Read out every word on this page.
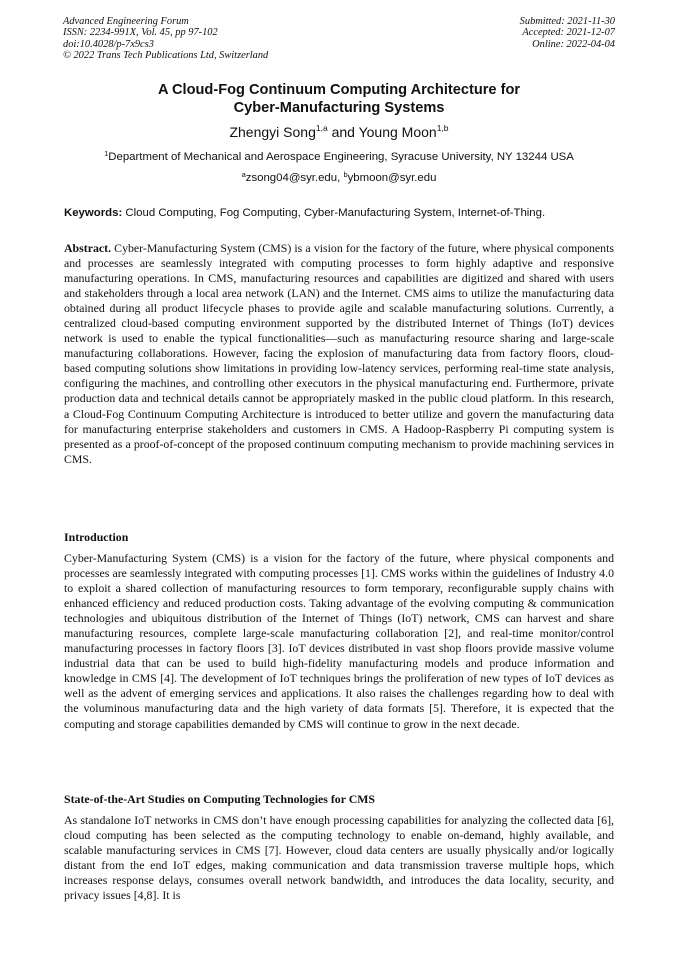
Advanced Engineering Forum
ISSN: 2234-991X, Vol. 45, pp 97-102
doi:10.4028/p-7x9cs3
© 2022 Trans Tech Publications Ltd, Switzerland
Submitted: 2021-11-30
Accepted: 2021-12-07
Online: 2022-04-04
A Cloud-Fog Continuum Computing Architecture for
Cyber-Manufacturing Systems
Zhengyi Song$^{1,a}$ and Young Moon$^{1,b}$
$^1$Department of Mechanical and Aerospace Engineering, Syracuse University, NY 13244 USA
$^a$zsong04@syr.edu, $^b$ybmoon@syr.edu
Keywords: Cloud Computing, Fog Computing, Cyber-Manufacturing System, Internet-of-Thing.

Abstract. Cyber-Manufacturing System (CMS) is a vision for the factory of the future, where physical components and processes are seamlessly integrated with computing processes to form highly adaptive and responsive manufacturing operations. In CMS, manufacturing resources and capabilities are digitized and shared with users and stakeholders through a local area network (LAN) and the Internet. CMS aims to utilize the manufacturing data obtained during all product lifecycle phases to provide agile and scalable manufacturing solutions. Currently, a centralized cloud-based computing environment supported by the distributed Internet of Things (IoT) devices network is used to enable the typical functionalities—such as manufacturing resource sharing and large-scale manufacturing collaborations. However, facing the explosion of manufacturing data from factory floors, cloud-based computing solutions show limitations in providing low-latency services, performing real-time state analysis, configuring the machines, and controlling other executors in the physical manufacturing end. Furthermore, private production data and technical details cannot be appropriately masked in the public cloud platform. In this research, a Cloud-Fog Continuum Computing Architecture is introduced to better utilize and govern the manufacturing data for manufacturing enterprise stakeholders and customers in CMS. A Hadoop-Raspberry Pi computing system is presented as a proof-of-concept of the proposed continuum computing mechanism to provide machining services in CMS.

Introduction

Cyber-Manufacturing System (CMS) is a vision for the factory of the future, where physical components and processes are seamlessly integrated with computing processes [1]. CMS works within the guidelines of Industry 4.0 to exploit a shared collection of manufacturing resources to form temporary, reconfigurable supply chains with enhanced efficiency and reduced production costs. Taking advantage of the evolving computing & communication technologies and ubiquitous distribution of the Internet of Things (IoT) network, CMS can harvest and share manufacturing resources, complete large-scale manufacturing collaboration [2], and real-time monitor/control manufacturing processes in factory floors [3]. IoT devices distributed in vast shop floors provide massive volume industrial data that can be used to build high-fidelity manufacturing models and produce information and knowledge in CMS [4]. The development of IoT techniques brings the proliferation of new types of IoT devices as well as the advent of emerging services and applications. It also raises the challenges regarding how to deal with the voluminous manufacturing data and the high variety of data formats [5]. Therefore, it is expected that the computing and storage capabilities demanded by CMS will continue to grow in the next decade.

State-of-the-Art Studies on Computing Technologies for CMS

As standalone IoT networks in CMS don’t have enough processing capabilities for analyzing the collected data [6], cloud computing has been selected as the computing technology to enable on-demand, highly available, and scalable manufacturing services in CMS [7]. However, cloud data centers are usually physically and/or logically distant from the end IoT edges, making communication and data transmission traverse multiple hops, which increases response delays, consumes overall network bandwidth, and introduces the data locality, security, and privacy issues [4,8]. It is
